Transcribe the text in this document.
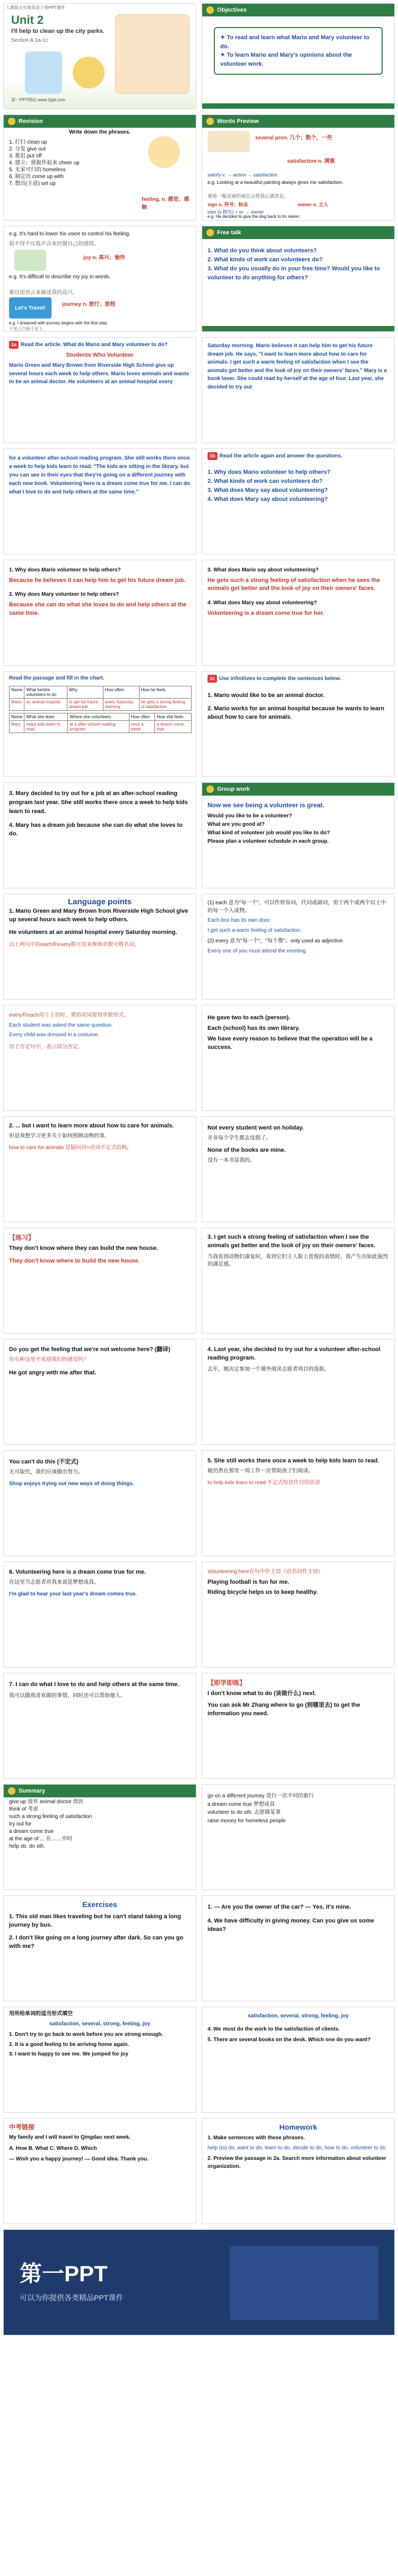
人教版五年级英语下册PPT课件
Unit 2
I'll help to clean up the city parks.
Section A 1a-1c
第一PPT网站 www.1ppt.com
Objectives
✦ To read and learn what Mario and Mary volunteer to do.
✦ To learn Mario and Mary's opinions about the volunteer work.
Revision
Write down the phrases.
1. 打扫 clean up
2. 分发 give out
3. 推迟 put off
4. 建立；使振作起来 cheer up
5. 无家可归的 homeless
6. 制定出 come up with
7. 想出(主意) set up
feeling, n. 感觉；感触
Words Preview
several pron. 几个；数个，一些
satisfaction n. 满意
satisfy v. → action → satisfaction
e.g. Looking at a beautiful painting always gives me satisfaction.
观看一幅美丽的画总会使我心满意足。
sign n. 符号；标志	owner n. 主人
own (v.拥有) + er → owner
e.g. He decided to give the dog back to its owner.
e.g. It's hard to lower his voice to control his feeling.
很不得不压低声音来控制自己的感情。
joy n. 高兴；愉快
e.g. It's difficult to describe my joy in words.
难以用语言来描述我的高兴。
Let's Travel!
journey n. 旅行；旅程
e.g. I dreamed with journey begins with the first step.
千里之行始于足下。
Free talk
1. What do you think about volunteers?
2. What kinds of work can volunteers do?
3. What do you usually do in your free time? Would you like to volunteer to do anything for others?
1a Read the article. What do Mario and Mary volunteer to do?
Students Who Volunteer
Mario Green and Mary Brown from Riverside High School give up several hours each week to help others. Mario loves animals and wants to be an animal doctor. He volunteers at an animal hospital every
Saturday morning. Mario believes it can help him to get his future dream job. He says, "I want to learn more about how to care for animals. I get such a warm feeling of satisfaction when I see the animals get better and the look of joy on their owners' faces." Mary is a book lover. She could read by herself at the age of four. Last year, she decided to try out
for a volunteer after-school reading program. She still works there once a week to help kids learn to read. "The kids are sitting in the library, but you can see in their eyes that they're going on a different journey with each new book. Volunteering here is a dream come true for me. I can do what I love to do and help others at the same time."
1b Read the article again and answer the questions.
1. Why does Mario volunteer to help others?
2. What kinds of work can volunteers do?
3. What does Mary say about volunteering?
4. What does Mary say about volunteering?
1. Why does Mario volunteer to help others?
Because he believes it can help him to get his future dream job.
2. Why does Mary volunteer to help others?
Because she can do what she loves to do and help others at the same time.
3. What does Mario say about volunteering?
He gets such a strong feeling of satisfaction when he sees the animals get better and the look of joy on their owners' faces.
4. What does Mary say about volunteering?
Volunteering is a dream come true for her.
Read the passage and fill in the chart.
Name	What he/she volunteers to do	Why	How often	How he feels
Mario	an animal hospital	to get his future dream job	every Saturday morning	he gets a strong feeling of satisfaction
Name	What she does	Where she volunteers	How often	How she feels
Mary	helps kids learn to read	at a after-school reading program	once a week	a dream come true
1c Use infinitives to complete the sentences below.
1. Mario would like to be an animal doctor.
2. Mario works for an animal hospital because he wants to learn about how to care for animals.
3. Mary decided to try out for a job at an after-school reading program last year. She still works there once a week to help kids learn to read.
4. Mary has a dream job because she can do what she loves to do.
Group work
Now we see being a volunteer is great.
Would you like to be a volunteer?
What are you good at?
What kind of volunteer job would you like to do?
Please plan a volunteer schedule in each group.
Language points
1. Mario Green and Mary Brown from Riverside High School give up several hours each week to help others.
He volunteers at an animal hospital every Saturday morning.
以上两句中的each和every都可用来修饰单数可数名词。
(1) each 意为"每一个"，可以作形容词，代词或副词，用于两个或两个以上中的每一个人或物。
Each box has its own door.
I get such a warm feeling of satisfaction.
(2) every 意为"每一个"，"每个都"。only used as adjective.
Every one of you must attend the meeting.
every和each用于主语时，谓语动词要用单数形式。
Each student was asked the same question.
Every child was dressed in a costume.
用于否定句中，表示部分否定。
He gave two to each (person).
Each (school) has its own library.
We have every reason to believe that the operation will be a success.
2. ... but I want to learn more about how to care for animals.
但是我想学习更多关于如何照顾动物的事。
how to care for animals 是疑问词+动词不定式结构。
Not every student went on holiday.
并非每个学生都去度假了。
None of the books are mine.
没有一本书是我的。
【练习】
They don't know where they can build the new house.
They don't know where to build the new house.
3. I get such a strong feeling of satisfaction when I see the animals get better and the look of joy on their owners' faces.
当我看到动物们康复时，看到它们主人脸上喜悦的表情时，我产生出如此强烈的满足感。
Do you get the feeling that we're not welcome here? (翻译)
你有种这里不欢迎我们的感觉吗？
He got angry with me after that.
4. Last year, she decided to try out for a volunteer after-school reading program.
去年，她决定参加一个课外阅读志愿者项目的选拔。
You can't do this (不定式)
无可取代，我们应该做出努力。
Shop enjoys trying out new ways of doing things.
5. She still works there once a week to help kids learn to read.
她仍然在那里一周工作一次帮助孩子们阅读。
to help kids learn to read 不定式短语作目的状语
6. Volunteering here is a dream come true for me.
在这里当志愿者对我来说是梦想成真。
I'm glad to hear your last year's dream comes true.
Volunteering here在句中作主语（动名词作主语）
Playing football is fun for me.
Riding bicycle helps us to keep healthy.
7. I can do what I love to do and help others at the same time.
我可以做我喜欢做的事情，同时还可以帮助他人。
【即学即练】
I don't know what to do (该做什么) next.
You can ask Mr Zhang where to go (到哪里去) to get the information you need.
Summary
give up 放弃 animal doctor 兽医
think of 考虑
such a strong feeling of satisfaction
try out for
a dream come true
at the age of ... 在……岁时
help sb. do sth.
go on a different journey 进行一次不同的旅行
a dream come true 梦想成真
volunteer to do sth. 志愿做某事
raise money for homeless people
Exercises
1. This old man likes traveling but he can't stand taking a long journey by bus.
2. I don't like going on a long journey after dark. So can you go with me?
1. — Are you the owner of the car? — Yes, it's mine.
4. We have difficulty in giving money. Can you give us some ideas?
用所给单词的适当形式填空
satisfaction, several, strong, feeling, joy
1. Don't try to go back to work before you are strong enough.
2. It is a good feeling to be arriving home again.
3. I want to happy to see me. We jumped for joy
satisfaction, several, strong, feeling, joy
4. We must do the work to the satisfaction of clients.
5. There are several books on the desk. Which one do you want?
中考链接
My family and I will travel to Qingdao next week.
A. How B. What C. Where D. Which
— Wish you a happy journey! — Good idea. Thank you.
Homework
1. Make sentences with these phrases.
help (to) do, want to do, learn to do, decide to do, how to do, volunteer to do
2. Preview the passage in 2a. Search more information about volunteer organization.
第一PPT
可以为你提供各类精品PPT课件
